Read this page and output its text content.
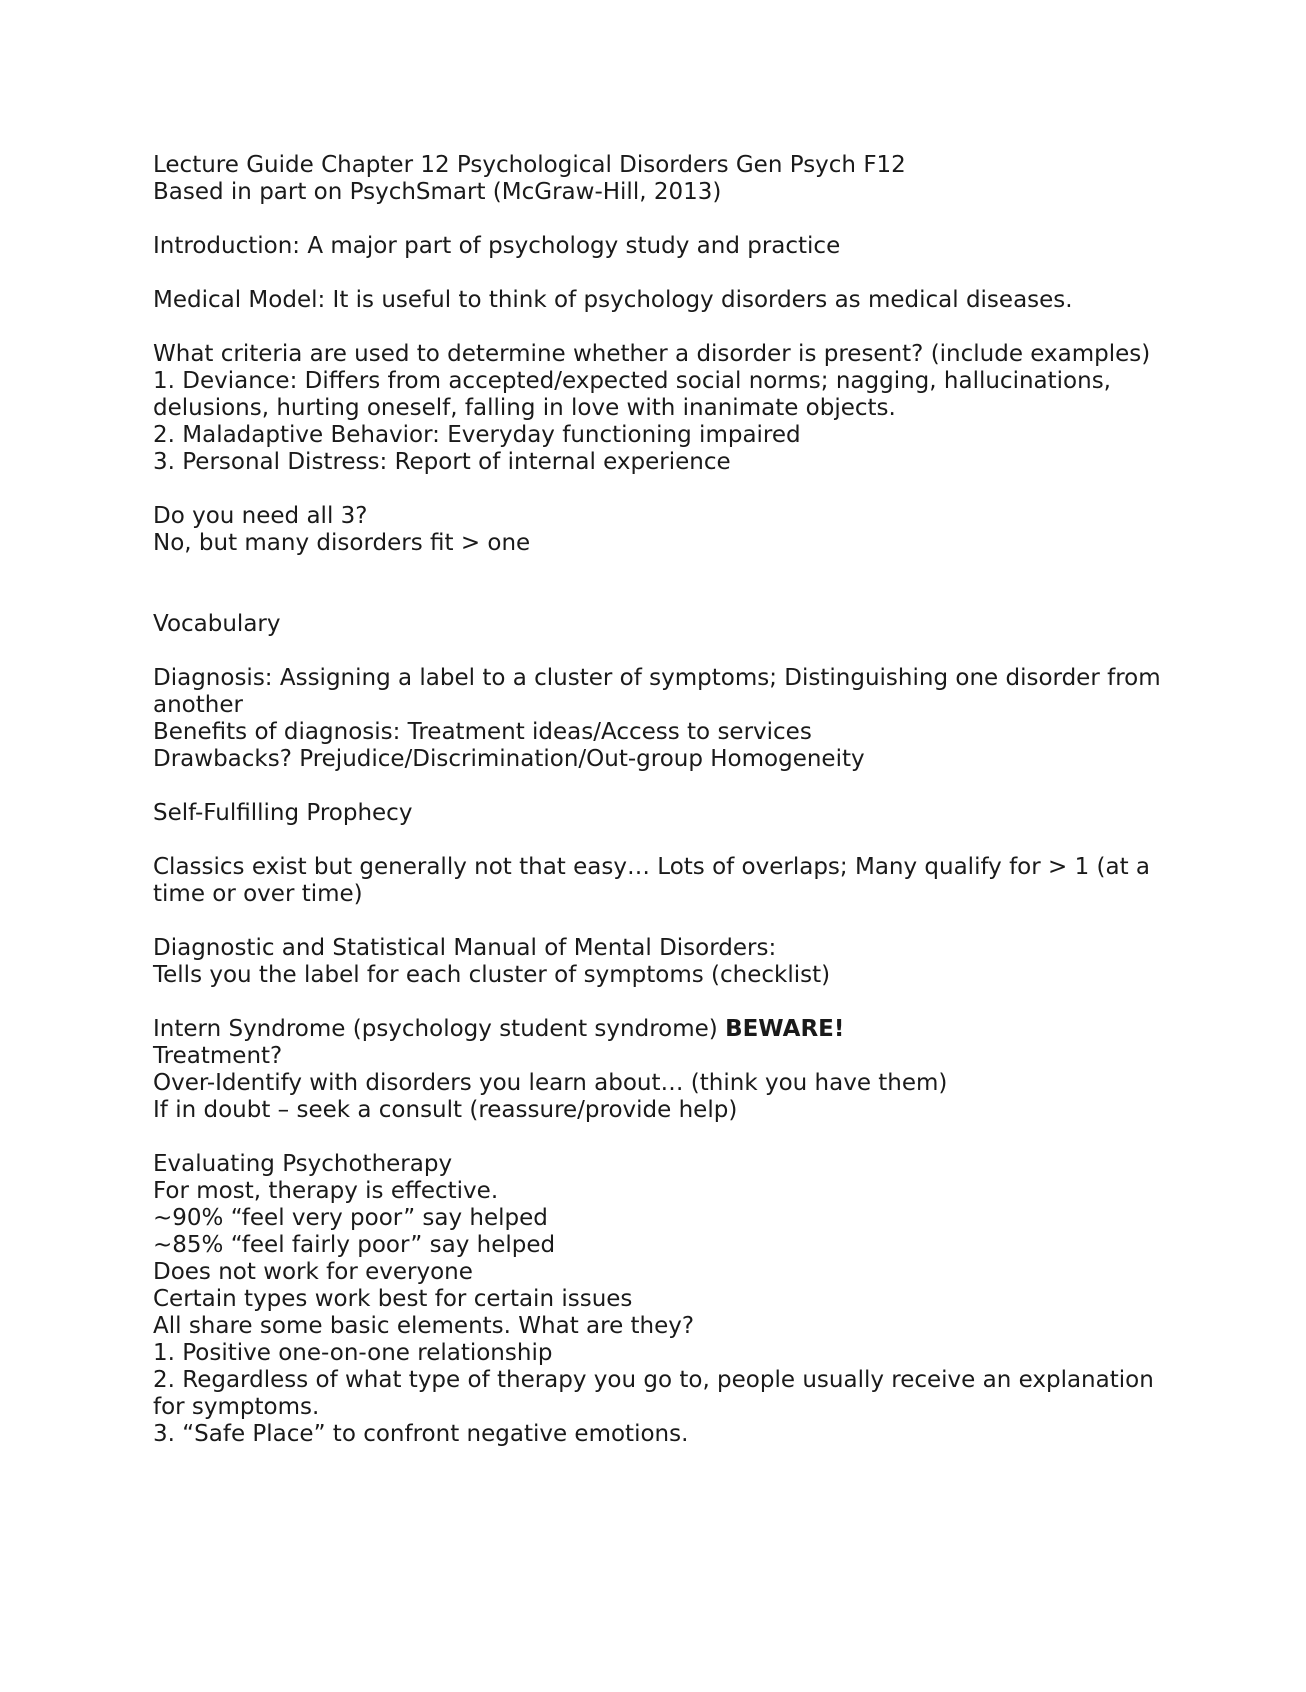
Lecture Guide Chapter 12 Psychological Disorders Gen Psych F12
Based in part on PsychSmart (McGraw-Hill, 2013)
Introduction: A major part of psychology study and practice
Medical Model: It is useful to think of psychology disorders as medical diseases.
What criteria are used to determine whether a disorder is present? (include examples)
1. Deviance: Differs from accepted/expected social norms; nagging, hallucinations, delusions, hurting oneself, falling in love with inanimate objects.
2. Maladaptive Behavior: Everyday functioning impaired
3. Personal Distress: Report of internal experience
Do you need all 3?
No, but many disorders fit > one
Vocabulary
Diagnosis: Assigning a label to a cluster of symptoms; Distinguishing one disorder from another
Benefits of diagnosis: Treatment ideas/Access to services
Drawbacks? Prejudice/Discrimination/Out-group Homogeneity
Self-Fulfilling Prophecy
Classics exist but generally not that easy… Lots of overlaps; Many qualify for > 1 (at a time or over time)
Diagnostic and Statistical Manual of Mental Disorders:
Tells you the label for each cluster of symptoms (checklist)
Intern Syndrome (psychology student syndrome) BEWARE!
Treatment?
Over-Identify with disorders you learn about… (think you have them)
If in doubt – seek a consult (reassure/provide help)
Evaluating Psychotherapy
For most, therapy is effective.
~90% “feel very poor” say helped
~85% “feel fairly poor” say helped
Does not work for everyone
Certain types work best for certain issues
All share some basic elements. What are they?
1. Positive one-on-one relationship
2. Regardless of what type of therapy you go to, people usually receive an explanation for symptoms.
3. “Safe Place” to confront negative emotions.
